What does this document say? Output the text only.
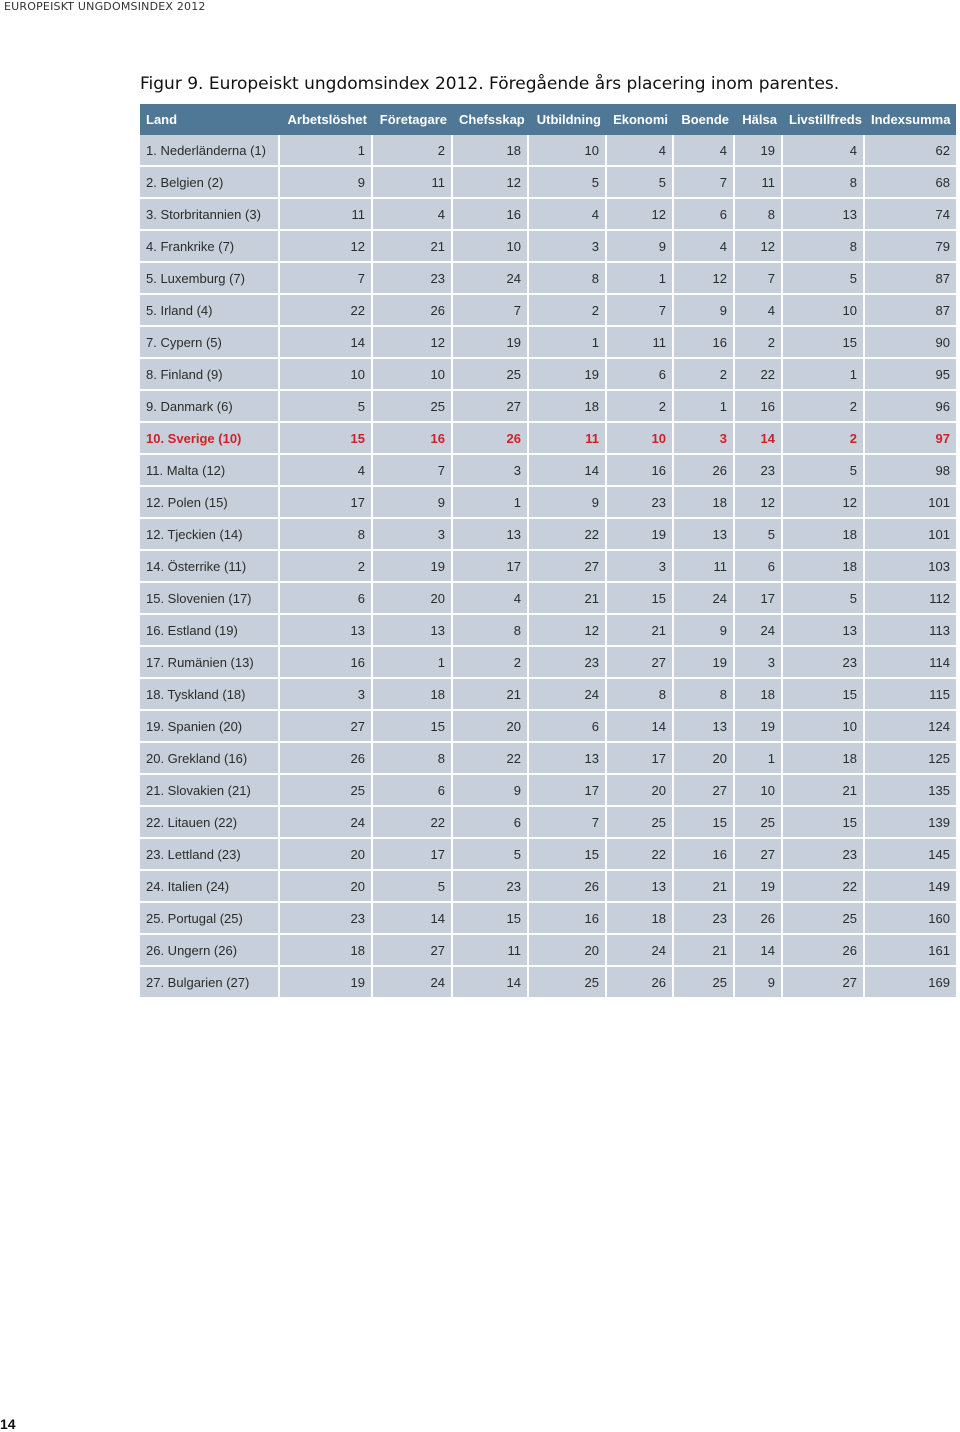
EUROPEISKT UNGDOMSINDEX 2012
Figur 9. Europeiskt ungdomsindex 2012. Föregående års placering inom parentes.
Land	Arbetslöshet	Företagare	Chefsskap	Utbildning	Ekonomi	Boende	Hälsa	Livstillfreds	Indexsumma
1. Nederländerna (1)	1	2	18	10	4	4	19	4	62
2. Belgien (2)	9	11	12	5	5	7	11	8	68
3. Storbritannien (3)	11	4	16	4	12	6	8	13	74
4. Frankrike (7)	12	21	10	3	9	4	12	8	79
5. Luxemburg (7)	7	23	24	8	1	12	7	5	87
5. Irland (4)	22	26	7	2	7	9	4	10	87
7. Cypern (5)	14	12	19	1	11	16	2	15	90
8. Finland (9)	10	10	25	19	6	2	22	1	95
9. Danmark (6)	5	25	27	18	2	1	16	2	96
10. Sverige (10)	15	16	26	11	10	3	14	2	97
11. Malta (12)	4	7	3	14	16	26	23	5	98
12. Polen (15)	17	9	1	9	23	18	12	12	101
12. Tjeckien (14)	8	3	13	22	19	13	5	18	101
14. Österrike (11)	2	19	17	27	3	11	6	18	103
15. Slovenien (17)	6	20	4	21	15	24	17	5	112
16. Estland (19)	13	13	8	12	21	9	24	13	113
17. Rumänien (13)	16	1	2	23	27	19	3	23	114
18. Tyskland (18)	3	18	21	24	8	8	18	15	115
19. Spanien (20)	27	15	20	6	14	13	19	10	124
20. Grekland (16)	26	8	22	13	17	20	1	18	125
21. Slovakien (21)	25	6	9	17	20	27	10	21	135
22. Litauen (22)	24	22	6	7	25	15	25	15	139
23. Lettland (23)	20	17	5	15	22	16	27	23	145
24. Italien (24)	20	5	23	26	13	21	19	22	149
25. Portugal (25)	23	14	15	16	18	23	26	25	160
26. Ungern (26)	18	27	11	20	24	21	14	26	161
27. Bulgarien (27)	19	24	14	25	26	25	9	27	169
14
